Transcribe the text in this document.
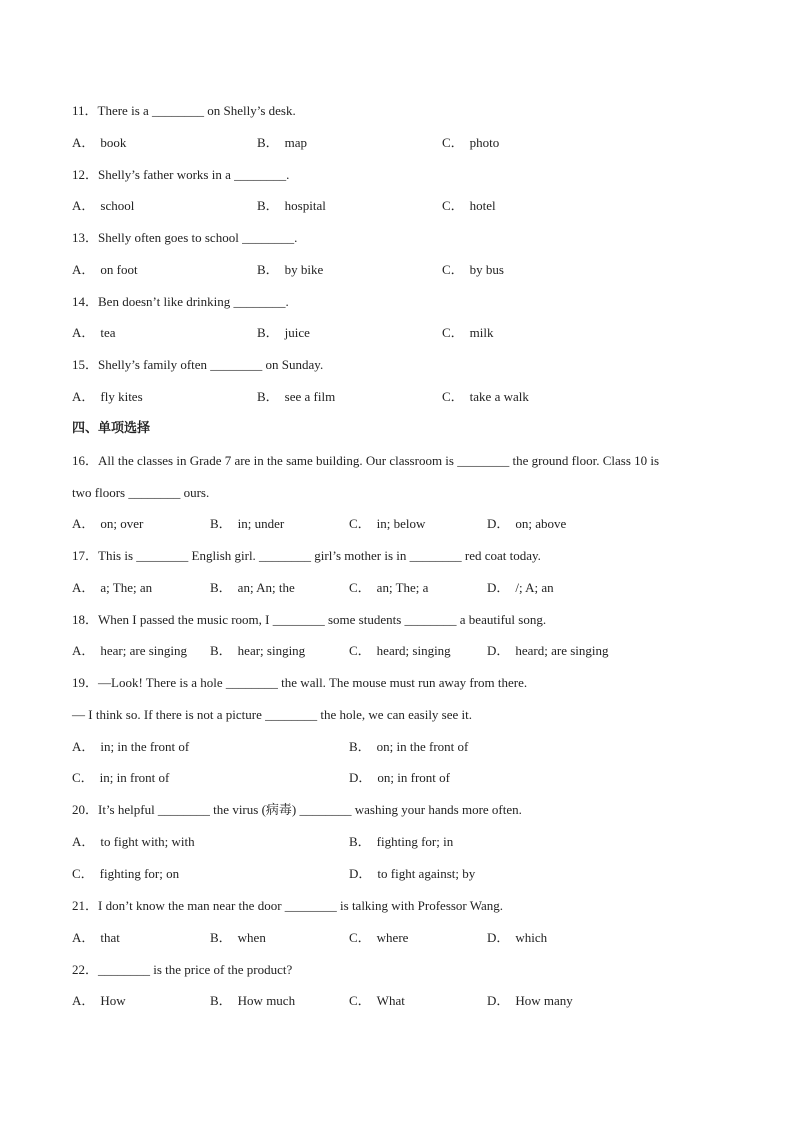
11．There is a ________ on Shelly’s desk.
A． book	B． map	C． photo
12．Shelly’s father works in a ________.
A． school	B． hospital	C． hotel
13．Shelly often goes to school ________.
A． on foot	B． by bike	C． by bus
14．Ben doesn’t like drinking ________.
A． tea	B． juice	C． milk
15．Shelly’s family often ________ on Sunday.
A． fly kites	B． see a film	C． take a walk
四、单项选择
16．All the classes in Grade 7 are in the same building. Our classroom is ________ the ground floor. Class 10 is
two floors ________ ours.
A． on; over	B． in; under	C． in; below	D． on; above
17．This is ________ English girl. ________ girl’s mother is in ________ red coat today.
A． a; The; an	B． an; An; the	C． an; The; a	D． /; A; an
18．When I passed the music room, I ________ some students ________ a beautiful song.
A． hear; are singing B． hear; singing	C． heard; singing	D． heard; are singing
19．—Look! There is a hole ________ the wall. The mouse must run away from there.
— I think so. If there is not a picture ________ the hole, we can easily see it.
A． in; in the front of	B． on; in the front of
C． in; in front of	D． on; in front of
20．It’s helpful ________ the virus (病毒) ________ washing your hands more often.
A． to fight with; with	B． fighting for; in
C． fighting for; on	D． to fight against; by
21．I don’t know the man near the door ________ is talking with Professor Wang.
A． that	B． when	C． where	D． which
22．________ is the price of the product?
A． How	B． How much	C． What	D． How many
